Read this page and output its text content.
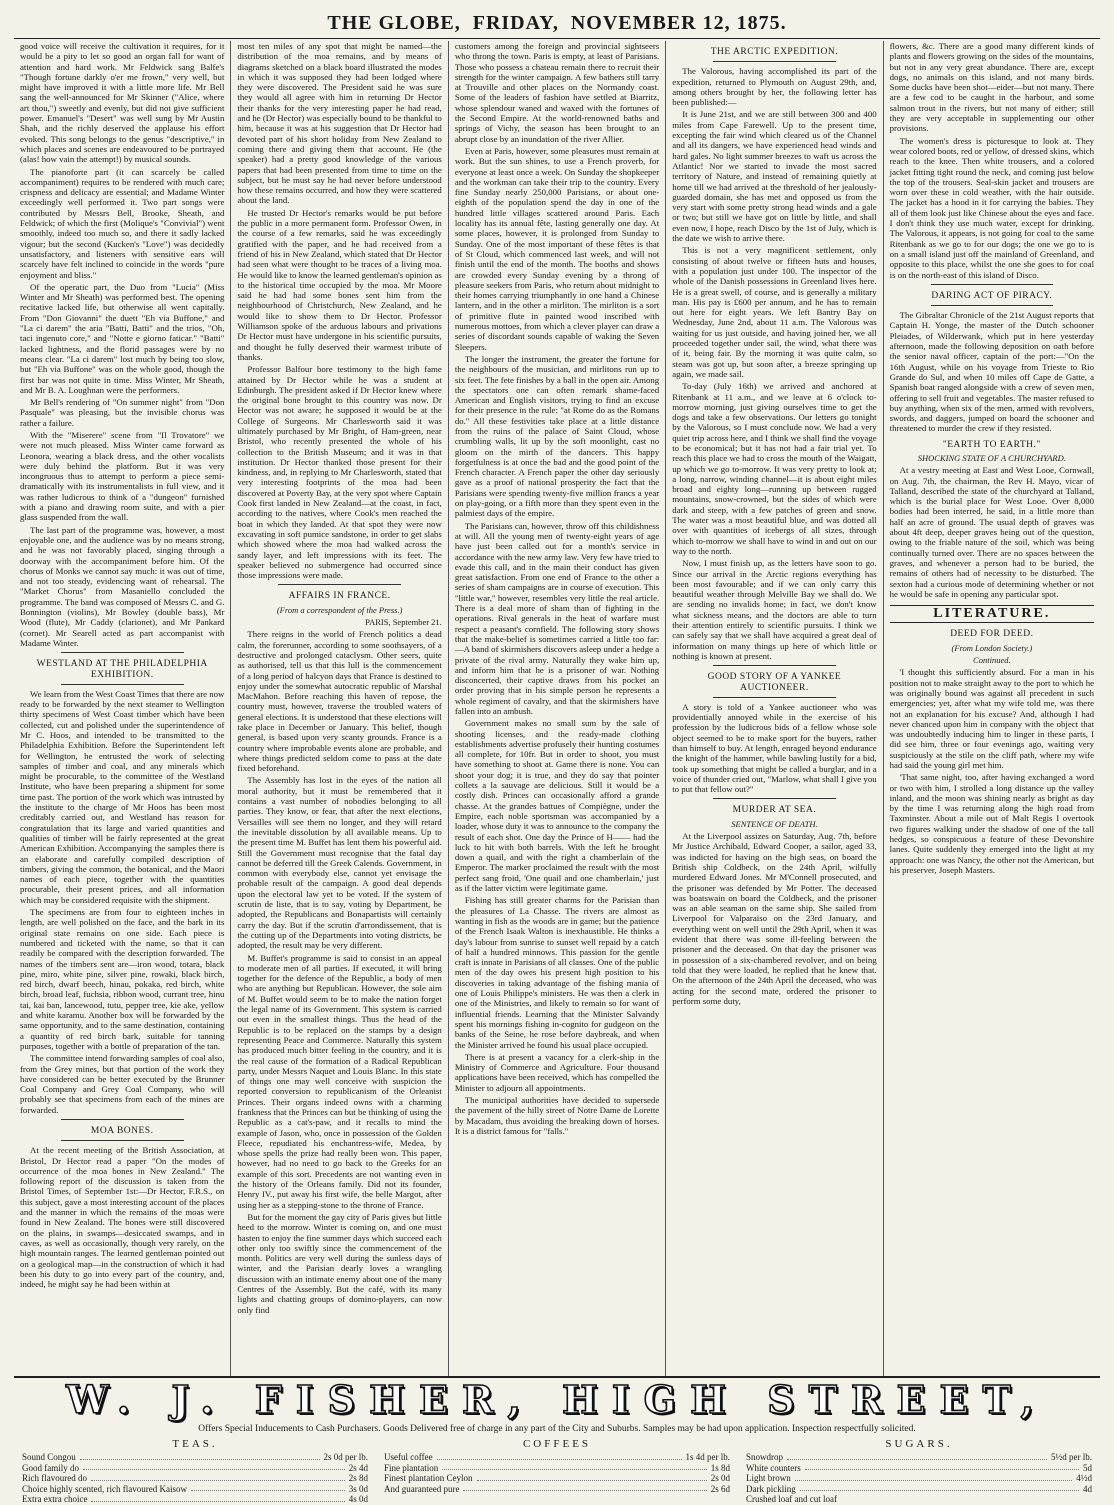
THE GLOBE, FRIDAY, NOVEMBER 12, 1875.

good voice will receive the cultivation it requires, for it would be a pity to let so good an organ fall for want of attention and hard work. Mr Feldwick sang Balfe's "Though fortune darkly o'er me frown," very well, but might have improved it with a little more life. Mr Bell sang the well-announced for Mr Skinner ("Alice, where art thou,") sweetly and evenly, but did not give sufficient power. Emanuel's "Desert" was well sung by Mr Austin Shah, and the richly deserved the applause his effort evoked. This song belongs to the genus "descriptive," in which places and scenes are endeavoured to be portrayed (alas! how vain the attempt!) by musical sounds.

The pianoforte part (it can scarcely be called accompaniment) requires to be rendered with much care; crispness and delicacy are essential; and Madame Winter exceedingly well performed it. Two part songs were contributed by Messrs Bell, Brooke, Sheath, and Feldwick; of which the first (Molique's "Convivial") went smoothly, indeed too much so, and there it sadly lacked vigour; but the second (Kucken's "Love") was decidedly unsatisfactory, and listeners with sensitive ears will scarcely have felt inclined to coincide in the words "pure enjoyment and bliss."

Of the operatic part, the Duo from "Lucia" (Miss Winter and Mr Sheath) was performed best. The opening recitative lacked life, but otherwise all went capitally. From "Don Giovanni" the duett "Eh via Buffone," and "La ci darem" the aria "Batti, Batti" and the trios, "Oh, taci ingenuto core," and "Notte e giorno faticar." "Batti" lacked lightness, and the florid passages were by no means clear. "La ci darem" lost much by being too slow, but "Eh via Buffone" was on the whole good, though the first bar was not quite in time. Miss Winter, Mr Sheath, and Mr B. A. Loughnan were the performers.

Mr Bell's rendering of "On summer night" from "Don Pasquale" was pleasing, but the invisible chorus was rather a failure.

With the "Miserere" scene from "Il Trovatore" we were not much pleased. Miss Winter came forward as Leonora, wearing a black dress, and the other vocalists were duly behind the platform. But it was very incongruous thus to attempt to perform a piece semi-dramatically with its instrumentalists in full view, and it was rather ludicrous to think of a "dungeon" furnished with a piano and drawing room suite, and with a pier glass suspended from the wall.

The last part of the programme was, however, a most enjoyable one, and the audience was by no means strong, and he was not favorably placed, singing through a doorway with the accompaniment before him. Of the chorus of Monks we cannot say much: it was out of time, and not too steady, evidencing want of rehearsal. The "Market Chorus" from Masaniello concluded the programme. The band was composed of Messrs C. and G. Bonnington (violins), Mr Bowley (double bass), Mr Wood (flute), Mr Caddy (clarionet), and Mr Pankard (cornet). Mr Searell acted as part accompanist with Madame Winter.

WESTLAND AT THE PHILADELPHIA EXHIBITION.

We learn from the West Coast Times that there are now ready to be forwarded by the next steamer to Wellington thirty specimens of West Coast timber which have been collected, cut and polished under the superintendence of Mr C. Hoos, and intended to be transmitted to the Philadelphia Exhibition. Before the Superintendent left for Wellington, he entrusted the work of selecting samples of timber and coal, and any minerals which might be procurable, to the committee of the Westland Institute, who have been preparing a shipment for some time past. The portion of the work which was intrusted by the institute to the charge of Mr Hoos has been most creditably carried out, and Westland has reason for congratulation that its large and varied quantities and qualities of timber will be fairly represented at the great American Exhibition. Accompanying the samples there is an elaborate and carefully compiled description of timbers, giving the common, the botanical, and the Maori names of each piece, together with the quantities procurable, their present prices, and all information which may be considered requisite with the shipment.

The specimens are from four to eighteen inches in length, are well polished on the face, and the bark in its original state remains on one side. Each piece is numbered and ticketed with the name, so that it can readily be compared with the description forwarded. The names of the timbers sent are—iron wood, totara, black pine, miro, white pine, silver pine, rowaki, black birch, red birch, dwarf beech, hinau, pokaka, red birch, white birch, broad leaf, fuchsia, ribbon wood, currant tree, hinu tai, kai ban, lancewood, tutu, pepper tree, kie ake, yellow and white karamu. Another box will be forwarded by the same opportunity, and to the same destination, containing a quantity of red birch bark, suitable for tanning purposes, together with a bottle of preparation of the tan.

The committee intend forwarding samples of coal also, from the Grey mines, but that portion of the work they have considered can be better executed by the Brunner Coal Company and Grey Coal Company, who will probably see that specimens from each of the mines are forwarded.

MOA BONES.

At the recent meeting of the British Association, at Bristol, Dr Hector read a paper "On the modes of occurrence of the moa bones in New Zealand." The following report of the discussion is taken from the Bristol Times, of September 1st:—Dr Hector, F.R.S., on this subject, gave a most interesting account of the places and the manner in which the remains of the moas were found in New Zealand. The bones were still discovered on the plains, in swamps—desiccated swamps, and in caves, as well as occasionally, though very rarely, on the high mountain ranges. The learned gentleman pointed out on a geological map—in the construction of which it had been his duty to go into every part of the country, and, indeed, he might say he had been within at

most ten miles of any spot that might be named—the distribution of the moa remains, and by means of diagrams sketched on a black board illustrated the modes in which it was supposed they had been lodged where they were discovered. The President said he was sure they would all agree with him in returning Dr Hector their thanks for the very interesting paper he had read, and he (Dr Hector) was especially bound to be thankful to him, because it was at his suggestion that Dr Hector had devoted part of his short holiday from New Zealand to coming there and giving them that account. He (the speaker) had a pretty good knowledge of the various papers that had been presented from time to time on the subject, but he must say he had never before understood how these remains occurred, and how they were scattered about the land.

He trusted Dr Hector's remarks would be put before the public in a more permanent form. Professor Owen, in the course of a few remarks, said he was exceedingly gratified with the paper, and he had received from a friend of his in New Zealand, which stated that Dr Hector had seen what were thought to be traces of a living moa. He would like to know the learned gentleman's opinion as to the historical time occupied by the moa. Mr Moore said he had had some bones sent him from the neighbourhood of Christchurch, New Zealand, and he would like to show them to Dr Hector. Professor Williamson spoke of the arduous labours and privations Dr Hector must have undergone in his scientific pursuits, and thought he fully deserved their warmest tribute of thanks.

Professor Balfour bore testimony to the high fame attained by Dr Hector while he was a student at Edinburgh. The president asked if Dr Hector knew where the original bone brought to this country was now. Dr Hector was not aware; he supposed it would be at the College of Surgeons. Mr Charlesworth said it was ultimately purchased by Mr Bright, of Ham-green, near Bristol, who recently presented the whole of his collection to the British Museum; and it was in that institution. Dr Hector thanked those present for their kindness, and, in replying to Mr Charlesworth, stated that very interesting footprints of the moa had been discovered at Poverty Bay, at the very spot where Captain Cook first landed in New Zealand—at the coast, in fact, according to the natives, where Cook's men reached the boat in which they landed. At that spot they were now excavating in soft pumice sandstone, in order to get slabs which showed where the moa had walked across the sandy layer, and left impressions with its feet. The speaker believed no submergence had occurred since those impressions were made.

AFFAIRS IN FRANCE.
(From a correspondent of the Press.)
PARIS, September 21.

There reigns in the world of French politics a dead calm, the forerunner, according to some soothsayers, of a destructive and prolonged cataclysm. Other seers, quite as authorised, tell us that this lull is the commencement of a long period of halcyon days that France is destined to enjoy under the somewhat autocratic republic of Marshal MacMahon. Before reaching this haven of repose, the country must, however, traverse the troubled waters of general elections. It is understood that these elections will take place in December or January. This belief, though general, is based upon very scanty grounds. France is a country where improbable events alone are probable, and where things predicted seldom come to pass at the date fixed beforehand.

The Assembly has lost in the eyes of the nation all moral authority, but it must be remembered that it contains a vast number of nobodies belonging to all parties. They know, or fear, that after the next elections, Versailles will see them no longer, and they will retard the inevitable dissolution by all available means. Up to the present time M. Buffet has lent them his powerful aid. Still the Government must recognise that the fatal day cannot be deferred till the Greek Calends. Government, in common with everybody else, cannot yet envisage the probable result of the campaign. A good deal depends upon the electoral law yet to be voted. If the system of scrutin de liste, that is to say, voting by Department, be adopted, the Republicans and Bonapartists will certainly carry the day. But if the scrutin d'arrondissement, that is the cutting up of the Departments into voting districts, be adopted, the result may be very different.

M. Buffet's programme is said to consist in an appeal to moderate men of all parties. If executed, it will bring together for the defence of the Republic, a body of men who are anything but Republican. However, the sole aim of M. Buffet would seem to be to make the nation forget the legal name of its Government. This system is carried out even in the smallest things. Thus the head of the Republic is to be replaced on the stamps by a design representing Peace and Commerce. Naturally this system has produced much bitter feeling in the country, and it is the real cause of the formation of a Radical Republican party, under Messrs Naquet and Louis Blanc. In this state of things one may well conceive with suspicion the reported conversion to republicanism of the Orleanist Princes. Their organs indeed owns with a charming frankness that the Princes can but be thinking of using the Republic as a cat's-paw, and it recalls to mind the example of Jason, who, once in possession of the Golden Fleece, repudiated his enchantress-wife, Medea, by whose spells the prize had really been won. This paper, however, had no need to go back to the Greeks for an example of this sort. Precedents are not wanting even in the history of the Orleans family. Did not its founder, Henry IV., put away his first wife, the belle Margot, after using her as a stepping-stone to the throne of France.

But for the moment the gay city of Paris gives but little heed to the morrow. Winter is coming on, and one must hasten to enjoy the fine summer days which succeed each other only too swiftly since the commencement of the month. Politics are very well during the sunless days of winter, and the Parisian dearly loves a wrangling discussion with an intimate enemy about one of the many Centres of the Assembly. But the café, with its many lights and chatting groups of domino-players, can now only find

customers among the foreign and provincial sightseers who throng the town. Paris is empty, at least of Parisians. Those who possess a chateau remain there to recruit their strength for the winter campaign. A few bathers still tarry at Trouville and other places on the Normandy coast. Some of the leaders of fashion have settled at Biarritz, whose splendour waned and waxed with the fortunes of the Second Empire. At the world-renowned baths and springs of Vichy, the season has been brought to an abrupt close by an inundation of the river Allier.

Even at Paris, however, some pleasures must remain at work. But the sun shines, to use a French proverb, for everyone at least once a week. On Sunday the shopkeeper and the workman can take their trip to the country. Every fine Sunday nearly 250,000 Parisians, or about one-eighth of the population spend the day in one of the hundred little villages scattered around Paris. Each locality has its annual fête, lasting generally one day. At some places, however, it is prolonged from Sunday to Sunday. One of the most important of these fêtes is that of St Cloud, which commenced last week, and will not finish until the end of the month. The booths and shows are crowded every Sunday evening by a throng of pleasure seekers from Paris, who return about midnight to their homes carrying triumphantly in one hand a Chinese lantern, and in the other a mirliton. The mirliton is a sort of primitive flute in painted wood inscribed with numerous mottoes, from which a clever player can draw a series of discordant sounds capable of waking the Seven Sleepers.

The longer the instrument, the greater the fortune for the neighbours of the musician, and mirlitons run up to six feet. The fete finishes by a ball in the open air. Among the spectators one can often remark shame-faced American and English visitors, trying to find an excuse for their presence in the rule: "at Rome do as the Romans do." All these festivities take place at a little distance from the ruins of the palace of Saint Cloud, whose crumbling walls, lit up by the soft moonlight, cast no gloom on the mirth of the dancers. This happy forgetfulness is at once the bad and the good point of the French character. A French paper the other day seriously gave as a proof of national prosperity the fact that the Parisians were spending twenty-five million francs a year on play-going, or a fifth more than they spent even in the palmiest days of the empire.

The Parisians can, however, throw off this childishness at will. All the young men of twenty-eight years of age have just been called out for a month's service in accordance with the new army law. Very few have tried to evade this call, and in the main their conduct has given great satisfaction. From one end of France to the other a series of sham campaigns are in course of execution. This "little war," however, resembles very little the real article. There is a deal more of sham than of fighting in the operations. Rival generals in the heat of warfare must respect a peasant's cornfield. The following story shows that the make-belief is sometimes carried a little too far:—A band of skirmishers discovers asleep under a hedge a private of the rival army. Naturally they wake him up, and inform him that he is a prisoner of war. Nothing disconcerted, their captive draws from his pocket an order proving that in his simple person he represents a whole regiment of cavalry, and that the skirmishers have fallen into an ambush.

Government makes no small sum by the sale of shooting licenses, and the ready-made clothing establishments advertise profusely their hunting costumes all complete, for 10fr. But in order to shoot, you must have something to shoot at. Game there is none. You can shoot your dog; it is true, and they do say that pointer collets a la sauvage are delicious. Still it would be a costly dish. Princes can occasionally afford a grande chasse. At the grandes battues of Compiègne, under the Empire, each noble sportsman was accompanied by a loader, whose duty it was to announce to the company the result of each shot. One day the Prince of H—— had the luck to hit with both barrels. With the left he brought down a quail, and with the right a chamberlain of the Emperor. The marker proclaimed the result with the most perfect sang froid, 'One quail and one chamberlain,' just as if the latter victim were legitimate game.

Fishing has still greater charms for the Parisian than the pleasures of La Chasse. The rivers are almost as wanting in fish as the woods are in game; but the patience of the French Isaak Walton is inexhaustible. He thinks a day's labour from sunrise to sunset well repaid by a catch of half a hundred minnows. This passion for the gentle craft is innate in Parisians of all classes. One of the public men of the day owes his present high position to his discoveries in taking advantage of the fishing mania of one of Louis Philippe's ministers. He was then a clerk in one of the Ministries, and likely to remain so for want of influential friends. Learning that the Minister Salvandy spent his mornings fishing in-cognito for gudgeon on the banks of the Seine, he rose before daybreak, and when the Minister arrived he found his usual place occupied.

There is at present a vacancy for a clerk-ship in the Ministry of Commerce and Agriculture. Four thousand applications have been received, which has compelled the Minister to adjourn all appointments.

The municipal authorities have decided to supersede the pavement of the hilly street of Notre Dame de Lorette by Macadam, thus avoiding the breaking down of horses. It is a district famous for "falls."

THE ARCTIC EXPEDITION.

The Valorous, having accomplished its part of the expedition, returned to Plymouth on August 29th, and, among others brought by her, the following letter has been published:—

It is June 21st, and we are still between 300 and 400 miles from Cape Farewell. Up to the present time, excepting the fair wind which cleared us of the Channel and all its dangers, we have experienced head winds and hard gales. No light summer breezes to waft us across the Atlantic! Nor we started to invade the most sacred territory of Nature, and instead of remaining quietly at home till we had arrived at the threshold of her jealously-guarded domain, she has met and opposed us from the very start with some pretty strong head winds and a gale or two; but still we have got on little by little, and shall even now, I hope, reach Disco by the 1st of July, which is the date we wish to arrive there.

This is not a very magnificent settlement, only consisting of about twelve or fifteen huts and houses, with a population just under 100. The inspector of the whole of the Danish possessions in Greenland lives here. He is a great swell, of course, and is generally a military man. His pay is £600 per annum, and he has to remain out here for eight years. We left Bantry Bay on Wednesday, June 2nd, about 11 a.m. The Valorous was waiting for us just outside, and having joined her, we all proceeded together under sail, the wind, what there was of it, being fair. By the morning it was quite calm, so steam was got up, but soon after, a breeze springing up again, we made sail.

To-day (July 16th) we arrived and anchored at Ritenbank at 11 a.m., and we leave at 6 o'clock to-morrow morning, just giving ourselves time to get the dogs and take a few observations. Our letters go tonight by the Valorous, so I must conclude now. We had a very quiet trip across here, and I think we shall find the voyage to be economical; but it has not had a fair trial yet. To reach this place we had to cross the mouth of the Waigatt, up which we go to-morrow. It was very pretty to look at; a long, narrow, winding channel—it is about eight miles broad and eighty long—running up between rugged mountains, snow-crowned, but the sides of which were dark and steep, with a few patches of green and snow. The water was a most beautiful blue, and was dotted all over with quantities of icebergs of all sizes, through which to-morrow we shall have to wind in and out on our way to the north.

Now, I must finish up, as the letters have soon to go. Since our arrival in the Arctic regions everything has been most favourable; and if we can only carry this beautiful weather through Melville Bay we shall do. We are sending no invalids home; in fact, we don't know what sickness means, and the doctors are able to turn their attention entirely to scientific pursuits. I think we can safely say that we shall have acquired a great deal of information on many things up here of which little or nothing is known at present.

GOOD STORY OF A YANKEE AUCTIONEER.

A story is told of a Yankee auctioneer who was providentially annoyed while in the exercise of his profession by the ludicrous bids of a fellow whose sole object seemed to be to make sport for the buyers, rather than himself to buy. At length, enraged beyond endurance the knight of the hammer, while bawling lustily for a bid, took up something that might be called a burglar, and in a voice of thunder cried out, "Marlow, what shall I give you to put that fellow out?"

MURDER AT SEA.
SENTENCE OF DEATH.

At the Liverpool assizes on Saturday, Aug. 7th, before Mr Justice Archibald, Edward Cooper, a sailor, aged 33, was indicted for having on the high seas, on board the British ship Coldbeck, on the 24th April, wilfully murdered Edward Jones. Mr M'Connell prosecuted, and the prisoner was defended by Mr Potter. The deceased was boatswain on board the Coldbeck, and the prisoner was an able seaman on the same ship. She sailed from Liverpool for Valparaiso on the 23rd January, and everything went on well until the 29th April, when it was evident that there was some ill-feeling between the prisoner and the deceased. On that day the prisoner was in possession of a six-chambered revolver, and on being told that they were loaded, he replied that he knew that. On the afternoon of the 24th April the deceased, who was acting for the second mate, ordered the prisoner to perform some duty,

flowers, &c. There are a good many different kinds of plants and flowers growing on the sides of the mountains, but not in any very great abundance. There are, except dogs, no animals on this island, and not many birds. Some ducks have been shot—eider—but not many. There are a few cod to be caught in the harbour, and some salmon trout in the rivers, but not many of either; still they are very acceptable in supplementing our other provisions.

The women's dress is picturesque to look at. They wear colored boots, red or yellow, of dressed skins, which reach to the knee. Then white trousers, and a colored jacket fitting tight round the neck, and coming just below the top of the trousers. Seal-skin jacket and trousers are worn over these in cold weather, with the hair outside. The jacket has a hood in it for carrying the babies. They all of them look just like Chinese about the eyes and face. I don't think they use much water, except for drinking. The Valorous, it appears, is not going for coal to the same Ritenbank as we go to for our dogs; the one we go to is on a small island just off the mainland of Greenland, and opposite to this place, whilst the one she goes to for coal is on the north-east of this island of Disco.

DARING ACT OF PIRACY.

The Gibraltar Chronicle of the 21st August reports that Captain H. Yonge, the master of the Dutch schooner Pleiades, of Wilderwank, which put in here yesterday afternoon, made the following deposition on oath before the senior naval officer, captain of the port:—"On the 16th August, while on his voyage from Trieste to Rio Grande do Sul, and when 10 miles off Cape de Gatte, a Spanish boat ranged alongside with a crew of seven men, offering to sell fruit and vegetables. The master refused to buy anything, when six of the men, armed with revolvers, swords, and daggers, jumped on board the schooner and threatened to murder the crew if they resisted.

"EARTH TO EARTH."
SHOCKING STATE OF A CHURCHYARD.

At a vestry meeting at East and West Looe, Cornwall, on Aug. 7th, the chairman, the Rev H. Mayo, vicar of Talland, described the state of the churchyard at Talland, which is the burial place for West Looe. Over 8,000 bodies had been interred, he said, in a little more than half an acre of ground. The usual depth of graves was about 4ft deep, deeper graves being out of the question, owing to the friable nature of the soil, which was being continually turned over. There are no spaces between the graves, and whenever a person had to be buried, the remains of others had of necessity to be disturbed. The sexton had a curious mode of determining whether or not he would be safe in opening any particular spot.

LITERATURE.
DEED FOR DEED.
(From London Society.)
Continued.

'I thought this sufficiently absurd. For a man in his position not to make straight away to the port to which he was originally bound was against all precedent in such emergencies; yet, after what my wife told me, was there not an explanation for his excuse? And, although I had never chanced upon him in company with the object that was undoubtedly inducing him to linger in these parts, I did see him, three or four evenings ago, waiting very suspiciously at the stile on the cliff path, where my wife had said the young girl met him.

'That same night, too, after having exchanged a word or two with him, I strolled a long distance up the valley inland, and the moon was shining nearly as bright as day by the time I was returning along the high road from Taxminster. About a mile out of Malt Regis I overtook two figures walking under the shadow of one of the tall hedges, so conspicuous a feature of these Devonshire lanes. Quite suddenly they emerged into the light at my approach: one was Nancy, the other not the American, but his preserver, Joseph Masters.

W. J. FISHER, HIGH STREET,
Offers Special Inducements to Cash Purchasers. Goods Delivered free of charge in any part of the City and Suburbs. Samples may be had upon application. Inspection respectfully solicited.
TEAS.
Sound Congou	2s 0d per lb.
Good family do	2s 4d
Rich flavoured do	2s 8d
Choice highly scented, rich flavoured Kaisow	3s 0d
Extra extra choice	4s 0d
COFFEES
Useful coffee	1s 4d per lb.
Fine plantation	1s 8d
Finest plantation Ceylon	2s 0d
And guaranteed pure	2s 6d
SUGARS.
Snowdrop	5½d per lb.
White counters	5d
Light brown	4½d
Dark pickling	4d
Crushed loaf and cut loaf
